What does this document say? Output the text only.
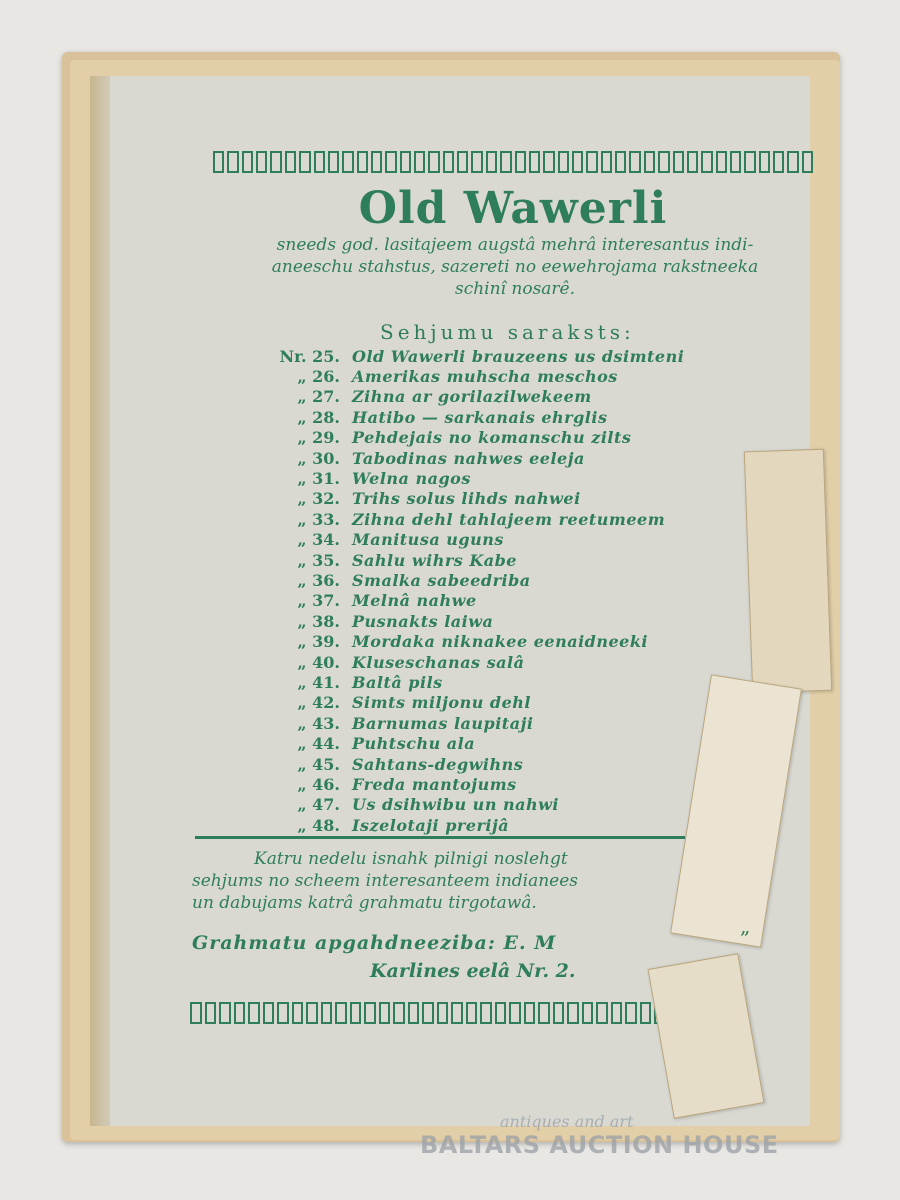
Old Wawerli
sneeds god. lasitajeem augstâ mehrâ interesantus indi-
aneeschu stahstus, sazereti no eewehrojama rakstneeka
schinî nosarê.
Sehjumu saraksts:
Nr. 25. Old Wawerli brauzeens us dsimteni
„ 26. Amerikas muhscha meschos
„ 27. Zihna ar gorilazilwekeem
„ 28. Hatibo — sarkanais ehrglis
„ 29. Pehdejais no komanschu zilts
„ 30. Tabodinas nahwes eeleja
„ 31. Welna nagos
„ 32. Trihs solus lihds nahwei
„ 33. Zihna dehl tahlajeem reetumeem
„ 34. Manitusa uguns
„ 35. Sahlu wihrs Kabe
„ 36. Smalka sabeedriba
„ 37. Melnâ nahwe
„ 38. Pusnakts laiwa
„ 39. Mordaka niknakee eenaidneeki
„ 40. Kluseschanas salâ
„ 41. Baltâ pils
„ 42. Simts miljonu dehl
„ 43. Barnumas laupitaji
„ 44. Puhtschu ala
„ 45. Sahtans-degwihns
„ 46. Freda mantojums
„ 47. Us dsihwibu un nahwi
„ 48. Iszelotaji prerijâ

Katru nedelu isnahk pilnigi noslehgt

sehjums no scheem interesanteem indianees

un dabujams katrâ grahmatu tirgotawâ.

Grahmatu apgahdneeziba: E. M
Karlines eelâ Nr. 2.
„
antiques and art
BALTARS AUCTION HOUSE
